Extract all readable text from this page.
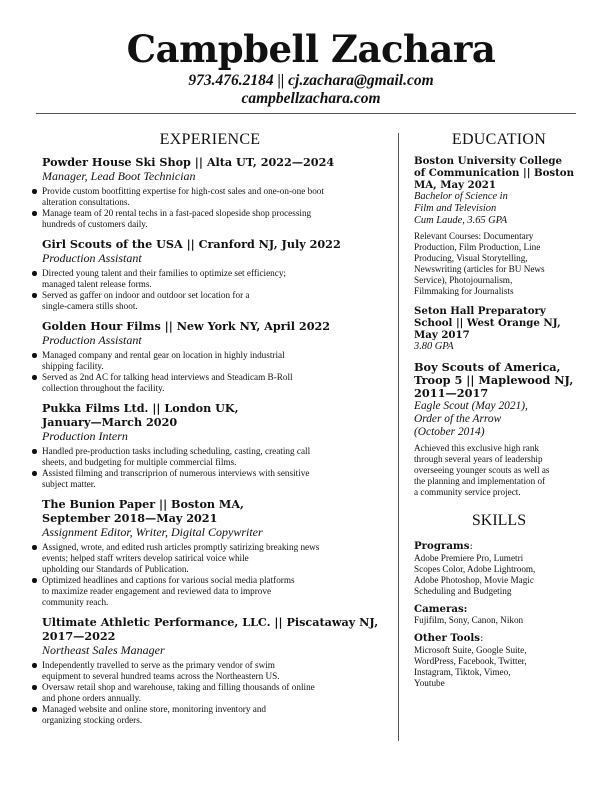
Campbell Zachara
973.476.2184 || cj.zachara@gmail.com
campbellzachara.com
EXPERIENCE
Powder House Ski Shop || Alta UT, 2022—2024
Manager, Lead Boot Technician
Provide custom bootfitting expertise for high-cost sales and one-on-one boot
alteration consultations.
Manage team of 20 rental techs in a fast-paced slopeside shop processing
hundreds of customers daily.
Girl Scouts of the USA || Cranford NJ, July 2022
Production Assistant
Directed young talent and their families to optimize set efficiency;
managed talent release forms.
Served as gaffer on indoor and outdoor set location for a
single-camera stills shoot.
Golden Hour Films || New York NY, April 2022
Production Assistant
Managed company and rental gear on location in highly industrial
shipping facility.
Served as 2nd AC for talking head interviews and Steadicam B-Roll
collection throughout the facility.
Pukka Films Ltd. || London UK,
January—March 2020
Production Intern
Handled pre-production tasks including scheduling, casting, creating call
sheets, and budgeting for multiple commercial films.
Assisted filming and transcriprion of numerous interviews with sensitive
subject matter.
The Bunion Paper || Boston MA,
September 2018—May 2021
Assignment Editor, Writer, Digital Copywriter
Assigned, wrote, and edited rush articles promptly satirizing breaking news
events; helped staff writers develop satirical voice while
upholding our Standards of Publication.
Optimized headlines and captions for various social media platforms
to maximize reader engagement and reviewed data to improve
community reach.
Ultimate Athletic Performance, LLC. || Piscataway NJ,
2017—2022
Northeast Sales Manager
Independently travelled to serve as the primary vendor of swim
equipment to several hundred teams across the Northeastern US.
Oversaw retail shop and warehouse, taking and filling thousands of online
and phone orders annually.
Managed website and online store, monitoring inventory and
organizing stocking orders.
EDUCATION
Boston University College
of Communication || Boston
MA, May 2021
Bachelor of Science in
Film and Television
Cum Laude, 3.65 GPA
Relevant Courses: Documentary
Production, Film Production, Line
Producing, Visual Storytelling,
Newswriting (articles for BU News
Service), Photojournalism,
Filmmaking for Journalists
Seton Hall Preparatory
School || West Orange NJ,
May 2017
3.80 GPA
Boy Scouts of America,
Troop 5 || Maplewood NJ,
2011—2017
Eagle Scout (May 2021),
Order of the Arrow
(October 2014)
Achieved this exclusive high rank
through several years of leadership
overseeing younger scouts as well as
the planning and implementation of
a community service project.
SKILLS
Programs:
Adobe Premiere Pro, Lumetri
Scopes Color, Adobe Lightroom,
Adobe Photoshop, Movie Magic
Scheduling and Budgeting
Cameras:
Fujifilm, Sony, Canon, Nikon
Other Tools:
Microsoft Suite, Google Suite,
WordPress, Facebook, Twitter,
Instagram, Tiktok, Vimeo,
Youtube
